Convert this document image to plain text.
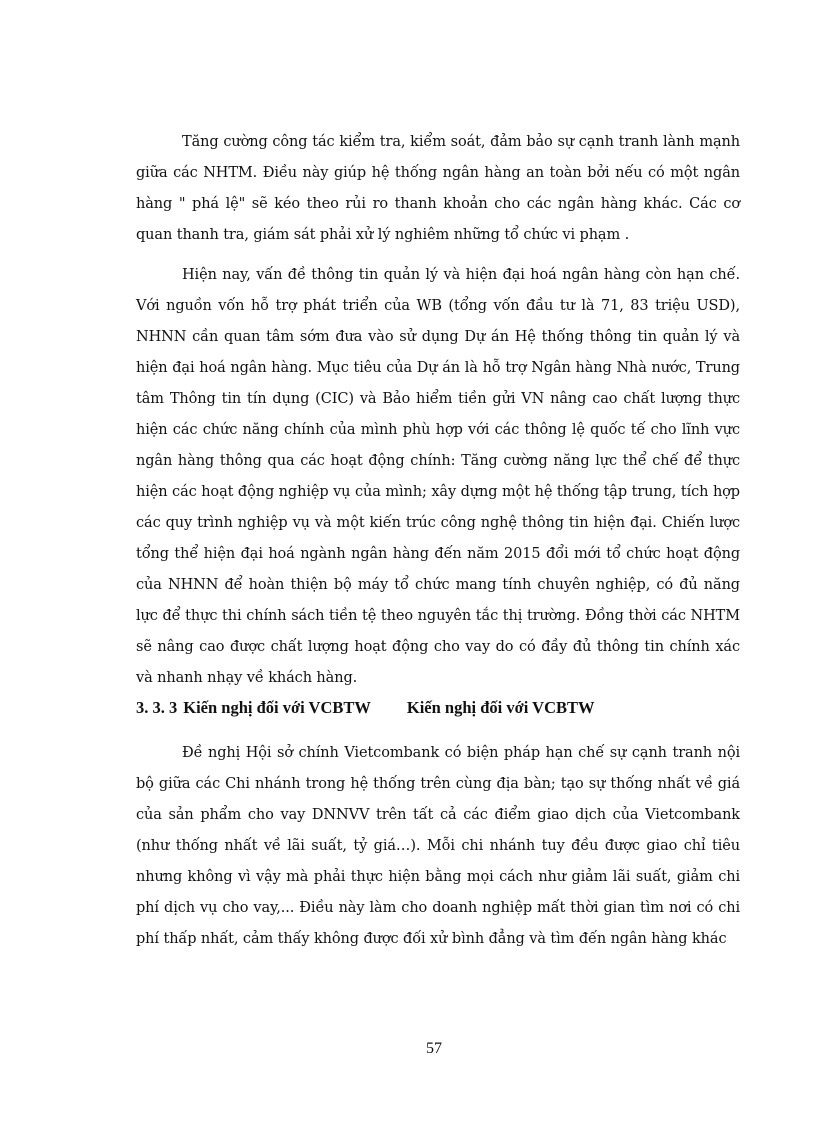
Tăng cường công tác kiểm tra, kiểm soát, đảm bảo sự cạnh tranh lành mạnh giữa các NHTM. Điều này giúp hệ thống ngân hàng an toàn bởi nếu có một ngân hàng " phá lệ" sẽ kéo theo rủi ro thanh khoản cho các ngân hàng khác. Các cơ quan thanh tra, giám sát phải xử lý nghiêm những tổ chức vi phạm .

Hiện nay, vấn đề thông tin quản lý và hiện đại hoá ngân hàng còn hạn chế. Với nguồn vốn hỗ trợ phát triển của WB (tổng vốn đầu tư là 71, 83 triệu USD), NHNN cần quan tâm sớm đưa vào sử dụng Dự án Hệ thống thông tin quản lý và hiện đại hoá ngân hàng. Mục tiêu của Dự án là hỗ trợ Ngân hàng Nhà nước, Trung tâm Thông tin tín dụng (CIC) và Bảo hiểm tiền gửi VN nâng cao chất lượng thực hiện các chức năng chính của mình phù hợp với các thông lệ quốc tế cho lĩnh vực ngân hàng thông qua các hoạt động chính: Tăng cường năng lực thể chế để thực hiện các hoạt động nghiệp vụ của mình; xây dựng một hệ thống tập trung, tích hợp các quy trình nghiệp vụ và một kiến trúc công nghệ thông tin hiện đại. Chiến lược tổng thể hiện đại hoá ngành ngân hàng đến năm 2015 đổi mới tổ chức hoạt động của NHNN để hoàn thiện bộ máy tổ chức mang tính chuyên nghiệp, có đủ năng lực để thực thi chính sách tiền tệ theo nguyên tắc thị trường. Đồng thời các NHTM sẽ nâng cao được chất lượng hoạt động cho vay do có đầy đủ thông tin chính xác và nhanh nhạy về khách hàng.

3. 3. 3 Kiến nghị đối với VCBTW Kiến nghị đối với VCBTW

Đề nghị Hội sở chính Vietcombank có biện pháp hạn chế sự cạnh tranh nội bộ giữa các Chi nhánh trong hệ thống trên cùng địa bàn; tạo sự thống nhất về giá của sản phẩm cho vay DNNVV trên tất cả các điểm giao dịch của Vietcombank (như thống nhất về lãi suất, tỷ giá…). Mỗi chi nhánh tuy đều được giao chỉ tiêu nhưng không vì vậy mà phải thực hiện bằng mọi cách như giảm lãi suất, giảm chi phí dịch vụ cho vay,... Điều này làm cho doanh nghiệp mất thời gian tìm nơi có chi phí thấp nhất, cảm thấy không được đối xử bình đẳng và tìm đến ngân hàng khác

57
